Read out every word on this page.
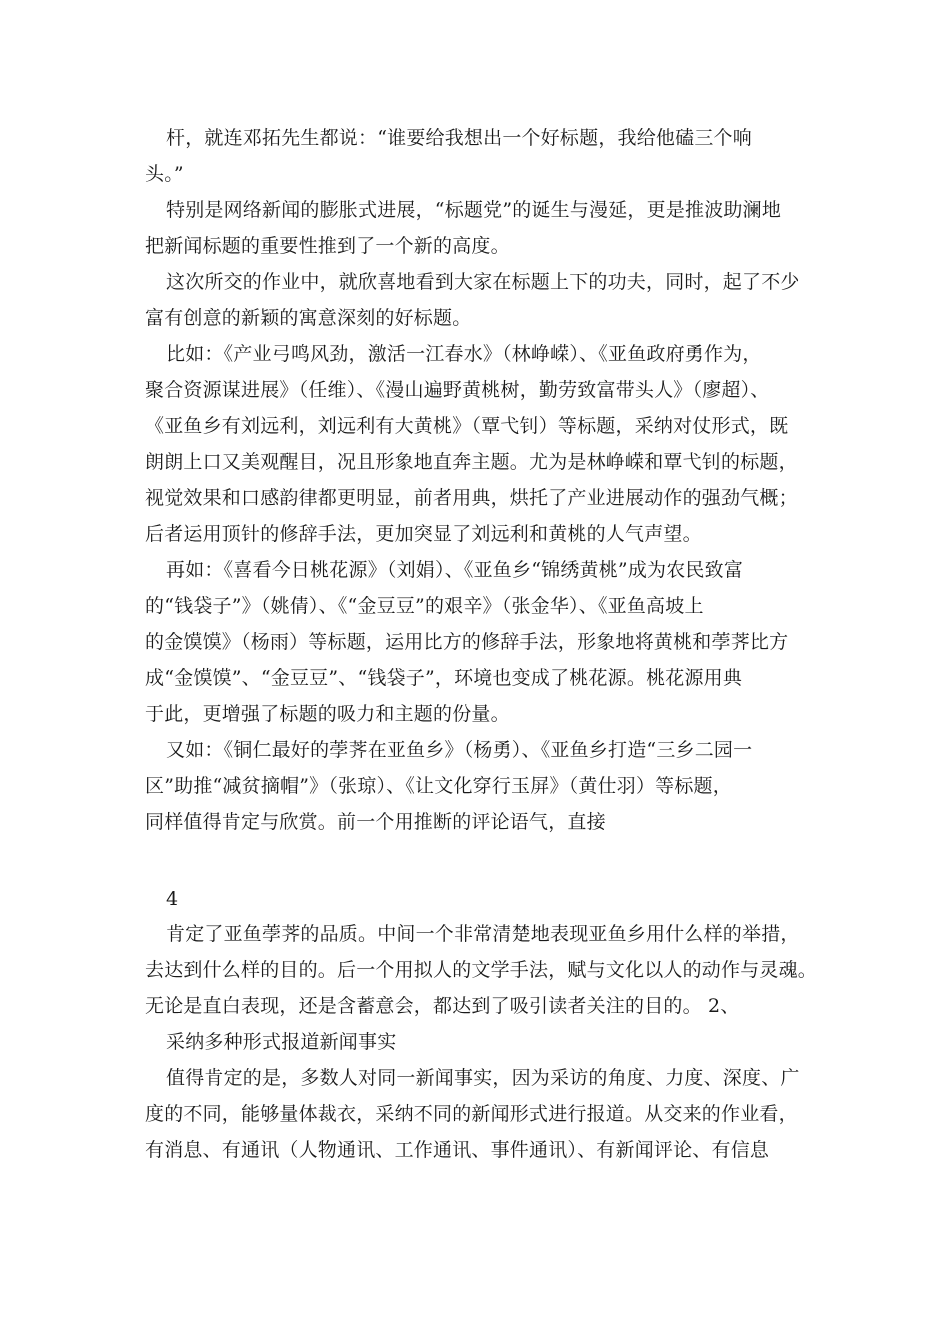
杆，就连邓拓先生都说：“谁要给我想出一个好标题，我给他磕三个响

头。”

特别是网络新闻的膨胀式进展，“标题党”的诞生与漫延，更是推波助澜地

把新闻标题的重要性推到了一个新的高度。

这次所交的作业中，就欣喜地看到大家在标题上下的功夫，同时，起了不少

富有创意的新颖的寓意深刻的好标题。

比如：《产业弓鸣风劲，激活一江春水》（林峥嵘）、《亚鱼政府勇作为，

聚合资源谋进展》（任维）、《漫山遍野黄桃树，勤劳致富带头人》（廖超）、

《亚鱼乡有刘远利，刘远利有大黄桃》（覃弋钊）等标题，采纳对仗形式，既

朗朗上口又美观醒目，况且形象地直奔主题。尤为是林峥嵘和覃弋钊的标题，

视觉效果和口感韵律都更明显，前者用典，烘托了产业进展动作的强劲气概；

后者运用顶针的修辞手法，更加突显了刘远利和黄桃的人气声望。

再如：《喜看今日桃花源》（刘娟）、《亚鱼乡“锦绣黄桃”成为农民致富

的“钱袋子”》（姚倩）、《“金豆豆”的艰辛》（张金华）、《亚鱼高坡上

的金馍馍》（杨雨）等标题，运用比方的修辞手法，形象地将黄桃和荸荠比方

成“金馍馍”、“金豆豆”、“钱袋子”，环境也变成了桃花源。桃花源用典

于此，更增强了标题的吸力和主题的份量。

又如：《铜仁最好的荸荠在亚鱼乡》（杨勇）、《亚鱼乡打造“三乡二园一

区”助推“减贫摘帽”》（张琼）、《让文化穿行玉屏》（黄仕羽）等标题，

同样值得肯定与欣赏。前一个用推断的评论语气，直接

4

肯定了亚鱼荸荠的品质。中间一个非常清楚地表现亚鱼乡用什么样的举措，

去达到什么样的目的。后一个用拟人的文学手法，赋与文化以人的动作与灵魂。

无论是直白表现，还是含蓄意会，都达到了吸引读者关注的目的。 2、

采纳多种形式报道新闻事实

值得肯定的是，多数人对同一新闻事实，因为采访的角度、力度、深度、广

度的不同，能够量体裁衣，采纳不同的新闻形式进行报道。从交来的作业看，

有消息、有通讯（人物通讯、工作通讯、事件通讯）、有新闻评论、有信息
